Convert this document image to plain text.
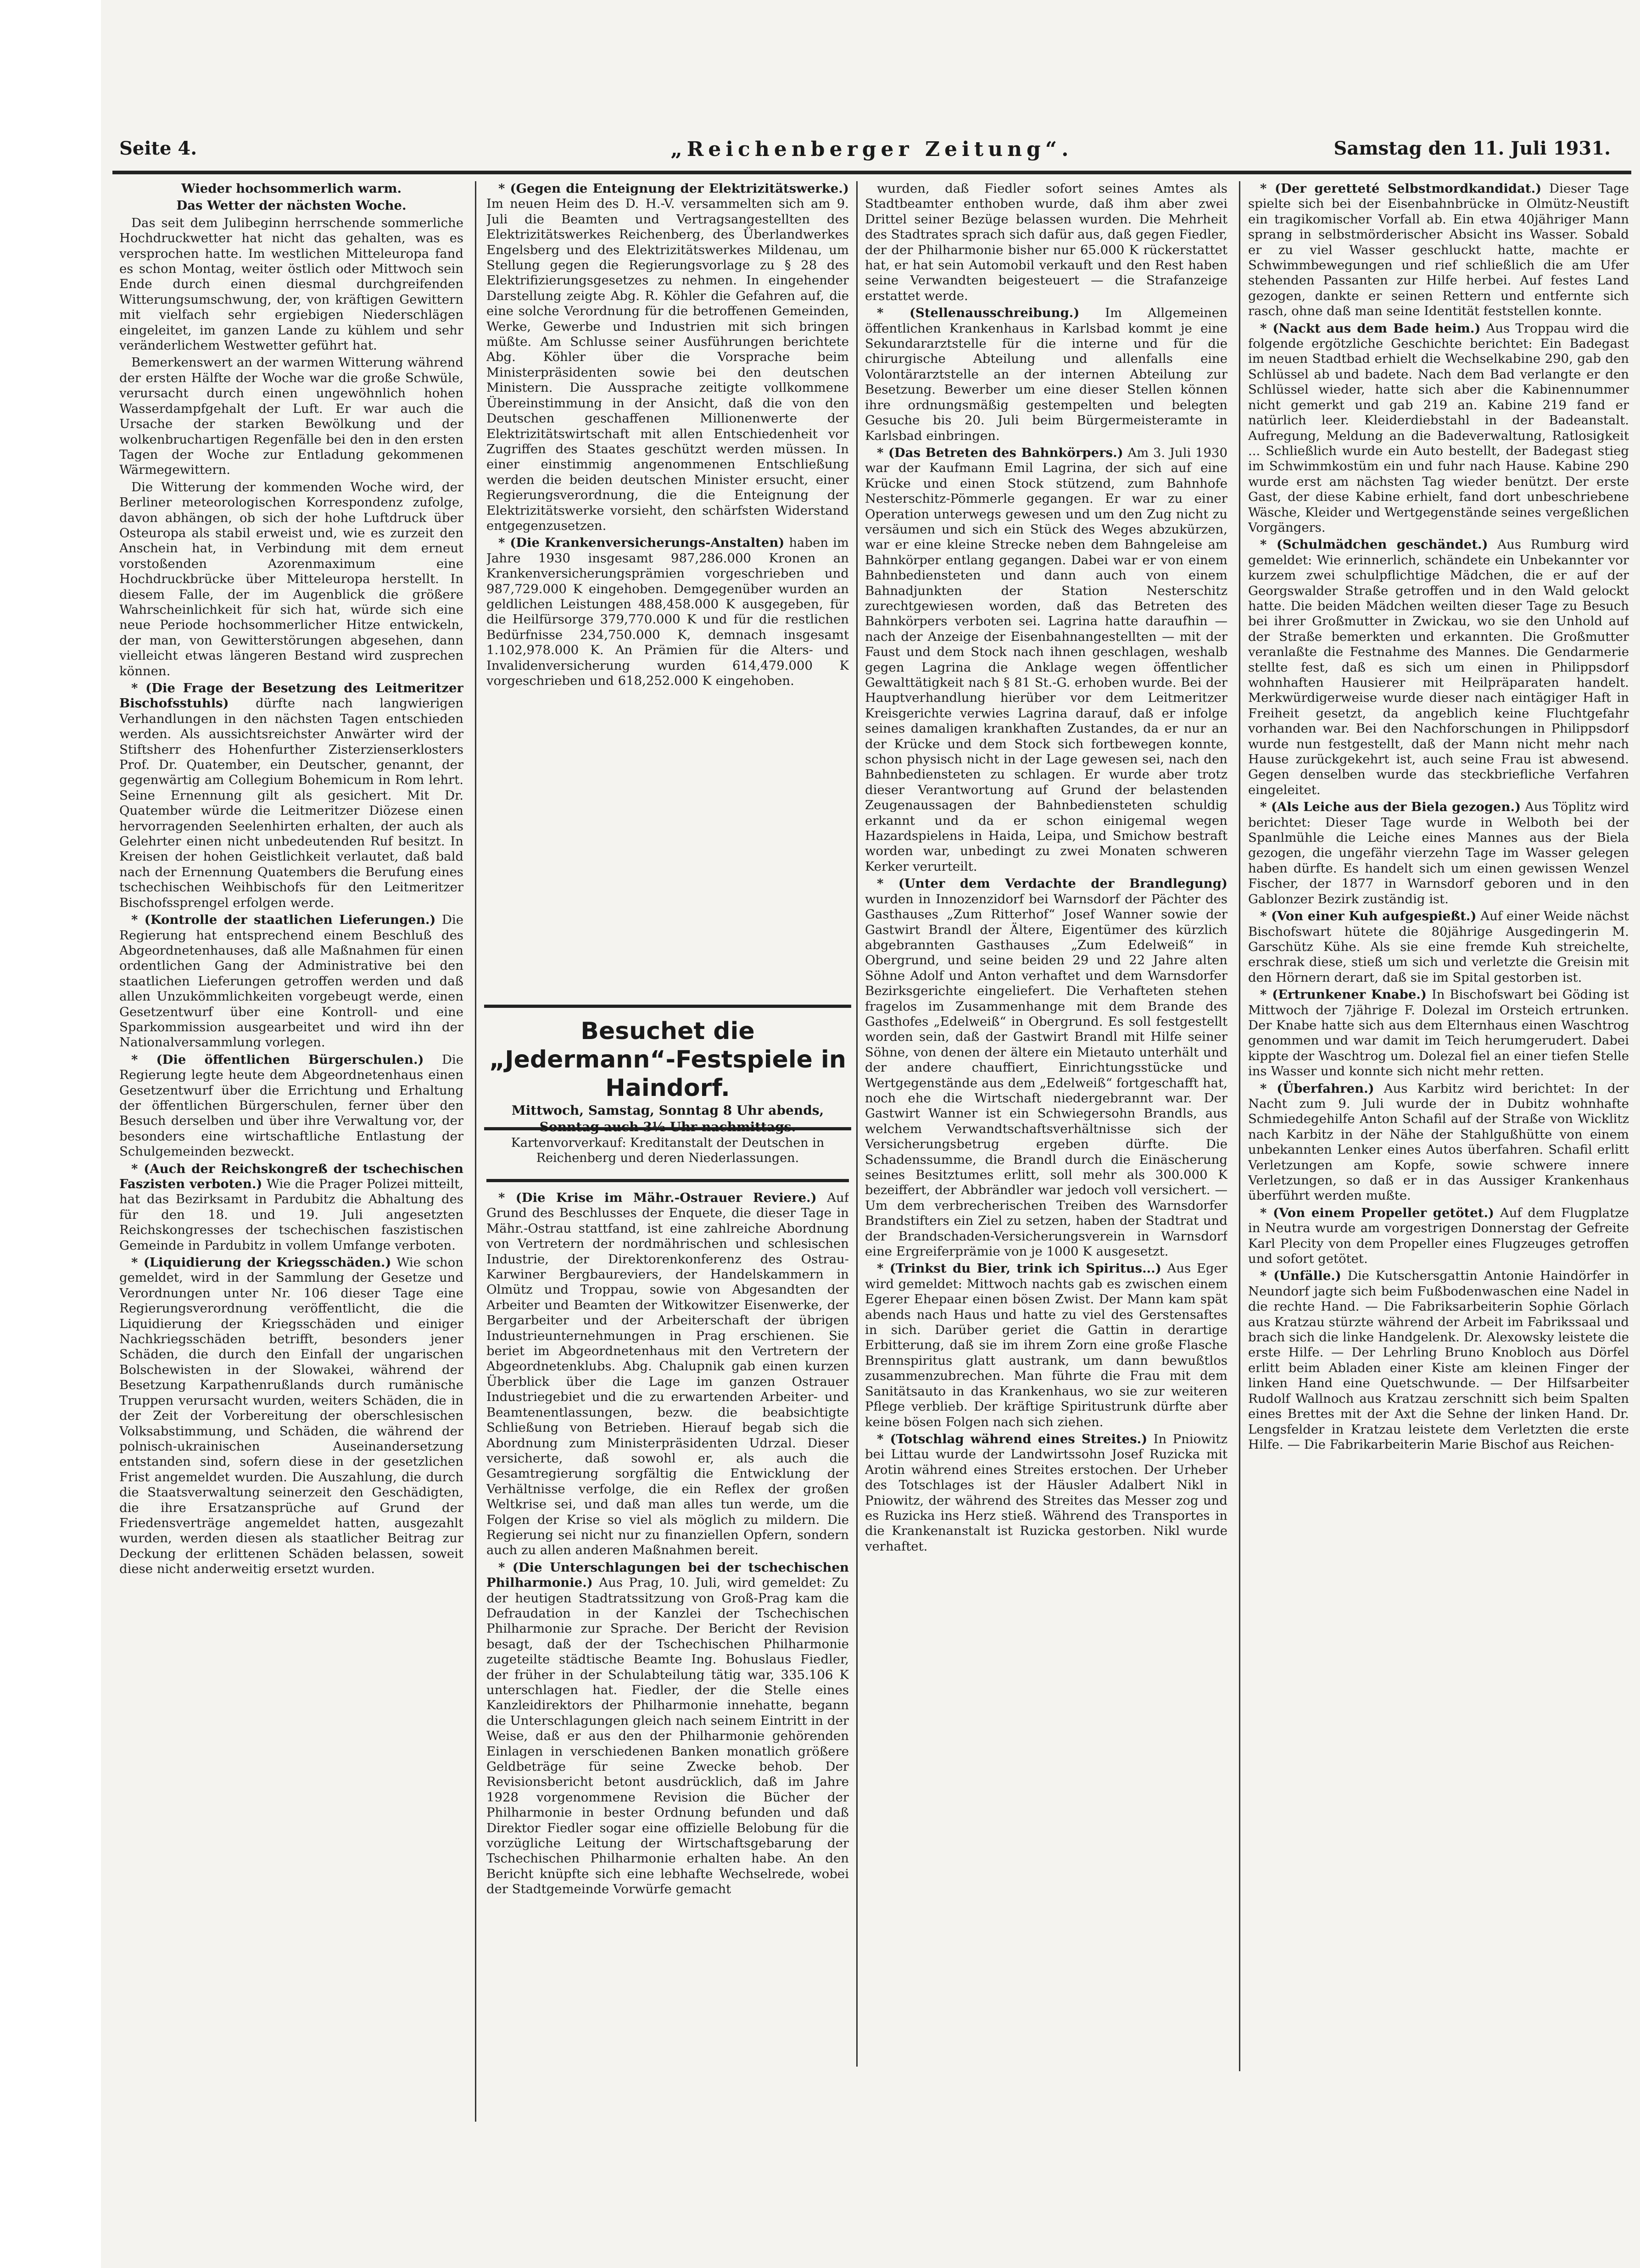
Seite 4.	„Reichenberger Zeitung“.	Samstag den 11. Juli 1931.
Wieder hochsommerlich warm.
Das Wetter der nächsten Woche.

Das seit dem Julibeginn herrschende sommerliche Hochdruckwetter hat nicht das gehalten, was es versprochen hatte. Im westlichen Mitteleuropa fand es schon Montag, weiter östlich oder Mittwoch sein Ende durch einen diesmal durchgreifenden Witterungsumschwung, der, von kräftigen Gewittern mit vielfach sehr ergiebigen Niederschlägen eingeleitet, im ganzen Lande zu kühlem und sehr veränderlichem Westwetter geführt hat.

Bemerkenswert an der warmen Witterung während der ersten Hälfte der Woche war die große Schwüle, verursacht durch einen ungewöhnlich hohen Wasserdampfgehalt der Luft. Er war auch die Ursache der starken Bewölkung und der wolkenbruchartigen Regenfälle bei den in den ersten Tagen der Woche zur Entladung gekommenen Wärmegewittern.

Die Witterung der kommenden Woche wird, der Berliner meteorologischen Korrespondenz zufolge, davon abhängen, ob sich der hohe Luftdruck über Osteuropa als stabil erweist und, wie es zurzeit den Anschein hat, in Verbindung mit dem erneut vorstoßenden Azorenmaximum eine Hochdruckbrücke über Mitteleuropa herstellt. In diesem Falle, der im Augenblick die größere Wahrscheinlichkeit für sich hat, würde sich eine neue Periode hochsommerlicher Hitze entwickeln, der man, von Gewitterstörungen abgesehen, dann vielleicht etwas längeren Bestand wird zusprechen können.

* (Die Frage der Besetzung des Leitmeritzer Bischofsstuhls) dürfte nach langwierigen Verhandlungen in den nächsten Tagen entschieden werden. Als aussichtsreichster Anwärter wird der Stiftsherr des Hohenfurther Zisterzienserklosters Prof. Dr. Quatember, ein Deutscher, genannt, der gegenwärtig am Collegium Bohemicum in Rom lehrt. Seine Ernennung gilt als gesichert. Mit Dr. Quatember würde die Leitmeritzer Diözese einen hervorragenden Seelenhirten erhalten, der auch als Gelehrter einen nicht unbedeutenden Ruf besitzt. In Kreisen der hohen Geistlichkeit verlautet, daß bald nach der Ernennung Quatembers die Berufung eines tschechischen Weihbischofs für den Leitmeritzer Bischofssprengel erfolgen werde.

* (Kontrolle der staatlichen Lieferungen.) Die Regierung hat entsprechend einem Beschluß des Abgeordnetenhauses, daß alle Maßnahmen für einen ordentlichen Gang der Administrative bei den staatlichen Lieferungen getroffen werden und daß allen Unzukömmlichkeiten vorgebeugt werde, einen Gesetzentwurf über eine Kontroll- und eine Sparkommission ausgearbeitet und wird ihn der Nationalversammlung vorlegen.

* (Die öffentlichen Bürgerschulen.) Die Regierung legte heute dem Abgeordnetenhaus einen Gesetzentwurf über die Errichtung und Erhaltung der öffentlichen Bürgerschulen, ferner über den Besuch derselben und über ihre Verwaltung vor, der besonders eine wirtschaftliche Entlastung der Schulgemeinden bezweckt.

* (Auch der Reichskongreß der tschechischen Faszisten verboten.) Wie die Prager Polizei mitteilt, hat das Bezirksamt in Pardubitz die Abhaltung des für den 18. und 19. Juli angesetzten Reichskongresses der tschechischen faszistischen Gemeinde in Pardubitz in vollem Umfange verboten.

* (Liquidierung der Kriegsschäden.) Wie schon gemeldet, wird in der Sammlung der Gesetze und Verordnungen unter Nr. 106 dieser Tage eine Regierungsverordnung veröffentlicht, die die Liquidierung der Kriegsschäden und einiger Nachkriegsschäden betrifft, besonders jener Schäden, die durch den Einfall der ungarischen Bolschewisten in der Slowakei, während der Besetzung Karpathenrußlands durch rumänische Truppen verursacht wurden, weiters Schäden, die in der Zeit der Vorbereitung der oberschlesischen Volksabstimmung, und Schäden, die während der polnisch-ukrainischen Auseinandersetzung entstanden sind, sofern diese in der gesetzlichen Frist angemeldet wurden. Die Auszahlung, die durch die Staatsverwaltung seinerzeit den Geschädigten, die ihre Ersatzansprüche auf Grund der Friedensverträge angemeldet hatten, ausgezahlt wurden, werden diesen als staatlicher Beitrag zur Deckung der erlittenen Schäden belassen, soweit diese nicht anderweitig ersetzt wurden.

* (Gegen die Enteignung der Elektrizitätswerke.) Im neuen Heim des D. H.-V. versammelten sich am 9. Juli die Beamten und Vertragsangestellten des Elektrizitätswerkes Reichenberg, des Überlandwerkes Engelsberg und des Elektrizitätswerkes Mildenau, um Stellung gegen die Regierungsvorlage zu § 28 des Elektrifizierungsgesetzes zu nehmen. In eingehender Darstellung zeigte Abg. R. Köhler die Gefahren auf, die eine solche Verordnung für die betroffenen Gemeinden, Werke, Gewerbe und Industrien mit sich bringen müßte. Am Schlusse seiner Ausführungen berichtete Abg. Köhler über die Vorsprache beim Ministerpräsidenten sowie bei den deutschen Ministern. Die Aussprache zeitigte vollkommene Übereinstimmung in der Ansicht, daß die von den Deutschen geschaffenen Millionenwerte der Elektrizitätswirtschaft mit allen Entschiedenheit vor Zugriffen des Staates geschützt werden müssen. In einer einstimmig angenommenen Entschließung werden die beiden deutschen Minister ersucht, einer Regierungsverordnung, die die Enteignung der Elektrizitätswerke vorsieht, den schärfsten Widerstand entgegenzusetzen.

* (Die Krankenversicherungs-Anstalten) haben im Jahre 1930 insgesamt 987,286.000 Kronen an Krankenversicherungsprämien vorgeschrieben und 987,729.000 K eingehoben. Demgegenüber wurden an geldlichen Leistungen 488,458.000 K ausgegeben, für die Heilfürsorge 379,770.000 K und für die restlichen Bedürfnisse 234,750.000 K, demnach insgesamt 1.102,978.000 K. An Prämien für die Alters- und Invalidenversicherung wurden 614,479.000 K vorgeschrieben und 618,252.000 K eingehoben.

Besuchet die „Jedermann“-Festspiele in Haindorf.
Mittwoch, Samstag, Sonntag 8 Uhr abends, Sonntag auch 3½ Uhr nachmittags.
Kartenvorverkauf: Kreditanstalt der Deutschen in Reichenberg und deren Niederlassungen.

* (Die Krise im Mähr.-Ostrauer Reviere.) Auf Grund des Beschlusses der Enquete, die dieser Tage in Mähr.-Ostrau stattfand, ist eine zahlreiche Abordnung von Vertretern der nordmährischen und schlesischen Industrie, der Direktorenkonferenz des Ostrau-Karwiner Bergbaureviers, der Handelskammern in Olmütz und Troppau, sowie von Abgesandten der Arbeiter und Beamten der Witkowitzer Eisenwerke, der Bergarbeiter und der Arbeiterschaft der übrigen Industrieunternehmungen in Prag erschienen. Sie beriet im Abgeordnetenhaus mit den Vertretern der Abgeordnetenklubs. Abg. Chalupnik gab einen kurzen Überblick über die Lage im ganzen Ostrauer Industriegebiet und die zu erwartenden Arbeiter- und Beamtenentlassungen, bezw. die beabsichtigte Schließung von Betrieben. Hierauf begab sich die Abordnung zum Ministerpräsidenten Udrzal. Dieser versicherte, daß sowohl er, als auch die Gesamtregierung sorgfältig die Entwicklung der Verhältnisse verfolge, die ein Reflex der großen Weltkrise sei, und daß man alles tun werde, um die Folgen der Krise so viel als möglich zu mildern. Die Regierung sei nicht nur zu finanziellen Opfern, sondern auch zu allen anderen Maßnahmen bereit.

* (Die Unterschlagungen bei der tschechischen Philharmonie.) Aus Prag, 10. Juli, wird gemeldet: Zu der heutigen Stadtratssitzung von Groß-Prag kam die Defraudation in der Kanzlei der Tschechischen Philharmonie zur Sprache. Der Bericht der Revision besagt, daß der der Tschechischen Philharmonie zugeteilte städtische Beamte Ing. Bohuslaus Fiedler, der früher in der Schulabteilung tätig war, 335.106 K unterschlagen hat. Fiedler, der die Stelle eines Kanzleidirektors der Philharmonie innehatte, begann die Unterschlagungen gleich nach seinem Eintritt in der Weise, daß er aus den der Philharmonie gehörenden Einlagen in verschiedenen Banken monatlich größere Geldbeträge für seine Zwecke behob. Der Revisionsbericht betont ausdrücklich, daß im Jahre 1928 vorgenommene Revision die Bücher der Philharmonie in bester Ordnung befunden und daß Direktor Fiedler sogar eine offizielle Belobung für die vorzügliche Leitung der Wirtschaftsgebarung der Tschechischen Philharmonie erhalten habe. An den Bericht knüpfte sich eine lebhafte Wechselrede, wobei der Stadtgemeinde Vorwürfe gemacht

wurden, daß Fiedler sofort seines Amtes als Stadtbeamter enthoben wurde, daß ihm aber zwei Drittel seiner Bezüge belassen wurden. Die Mehrheit des Stadtrates sprach sich dafür aus, daß gegen Fiedler, der der Philharmonie bisher nur 65.000 K rückerstattet hat, er hat sein Automobil verkauft und den Rest haben seine Verwandten beigesteuert — die Strafanzeige erstattet werde.

* (Stellenausschreibung.) Im Allgemeinen öffentlichen Krankenhaus in Karlsbad kommt je eine Sekundararztstelle für die interne und für die chirurgische Abteilung und allenfalls eine Volontärarztstelle an der internen Abteilung zur Besetzung. Bewerber um eine dieser Stellen können ihre ordnungsmäßig gestempelten und belegten Gesuche bis 20. Juli beim Bürgermeisteramte in Karlsbad einbringen.

* (Das Betreten des Bahnkörpers.) Am 3. Juli 1930 war der Kaufmann Emil Lagrina, der sich auf eine Krücke und einen Stock stützend, zum Bahnhofe Nesterschitz-Pömmerle gegangen. Er war zu einer Operation unterwegs gewesen und um den Zug nicht zu versäumen und sich ein Stück des Weges abzukürzen, war er eine kleine Strecke neben dem Bahngeleise am Bahnkörper entlang gegangen. Dabei war er von einem Bahnbediensteten und dann auch von einem Bahnadjunkten der Station Nesterschitz zurechtgewiesen worden, daß das Betreten des Bahnkörpers verboten sei. Lagrina hatte daraufhin — nach der Anzeige der Eisenbahnangestellten — mit der Faust und dem Stock nach ihnen geschlagen, weshalb gegen Lagrina die Anklage wegen öffentlicher Gewalttätigkeit nach § 81 St.-G. erhoben wurde. Bei der Hauptverhandlung hierüber vor dem Leitmeritzer Kreisgerichte verwies Lagrina darauf, daß er infolge seines damaligen krankhaften Zustandes, da er nur an der Krücke und dem Stock sich fortbewegen konnte, schon physisch nicht in der Lage gewesen sei, nach den Bahnbediensteten zu schlagen. Er wurde aber trotz dieser Verantwortung auf Grund der belastenden Zeugenaussagen der Bahnbediensteten schuldig erkannt und da er schon einigemal wegen Hazardspielens in Haida, Leipa, und Smichow bestraft worden war, unbedingt zu zwei Monaten schweren Kerker verurteilt.

* (Unter dem Verdachte der Brandlegung) wurden in Innozenzidorf bei Warnsdorf der Pächter des Gasthauses „Zum Ritterhof“ Josef Wanner sowie der Gastwirt Brandl der Ältere, Eigentümer des kürzlich abgebrannten Gasthauses „Zum Edelweiß“ in Obergrund, und seine beiden 29 und 22 Jahre alten Söhne Adolf und Anton verhaftet und dem Warnsdorfer Bezirksgerichte eingeliefert. Die Verhafteten stehen fragelos im Zusammenhange mit dem Brande des Gasthofes „Edelweiß“ in Obergrund. Es soll festgestellt worden sein, daß der Gastwirt Brandl mit Hilfe seiner Söhne, von denen der ältere ein Mietauto unterhält und der andere chauffiert, Einrichtungsstücke und Wertgegenstände aus dem „Edelweiß“ fortgeschafft hat, noch ehe die Wirtschaft niedergebrannt war. Der Gastwirt Wanner ist ein Schwiegersohn Brandls, aus welchem Verwandtschaftsverhältnisse sich der Versicherungsbetrug ergeben dürfte. Die Schadenssumme, die Brandl durch die Einäscherung seines Besitztumes erlitt, soll mehr als 300.000 K bezeiffert, der Abbrändler war jedoch voll versichert. — Um dem verbrecherischen Treiben des Warnsdorfer Brandstifters ein Ziel zu setzen, haben der Stadtrat und der Brandschaden-Versicherungsverein in Warnsdorf eine Ergreiferprämie von je 1000 K ausgesetzt.

* (Trinkst du Bier, trink ich Spiritus...) Aus Eger wird gemeldet: Mittwoch nachts gab es zwischen einem Egerer Ehepaar einen bösen Zwist. Der Mann kam spät abends nach Haus und hatte zu viel des Gerstensaftes in sich. Darüber geriet die Gattin in derartige Erbitterung, daß sie im ihrem Zorn eine große Flasche Brennspiritus glatt austrank, um dann bewußtlos zusammenzubrechen. Man führte die Frau mit dem Sanitätsauto in das Krankenhaus, wo sie zur weiteren Pflege verblieb. Der kräftige Spiritustrunk dürfte aber keine bösen Folgen nach sich ziehen.

* (Totschlag während eines Streites.) In Pniowitz bei Littau wurde der Landwirtssohn Josef Ruzicka mit Arotin während eines Streites erstochen. Der Urheber des Totschlages ist der Häusler Adalbert Nikl in Pniowitz, der während des Streites das Messer zog und es Ruzicka ins Herz stieß. Während des Transportes in die Krankenanstalt ist Ruzicka gestorben. Nikl wurde verhaftet.

* (Der geretteté Selbstmordkandidat.) Dieser Tage spielte sich bei der Eisenbahnbrücke in Olmütz-Neustift ein tragikomischer Vorfall ab. Ein etwa 40jähriger Mann sprang in selbstmörderischer Absicht ins Wasser. Sobald er zu viel Wasser geschluckt hatte, machte er Schwimmbewegungen und rief schließlich die am Ufer stehenden Passanten zur Hilfe herbei. Auf festes Land gezogen, dankte er seinen Rettern und entfernte sich rasch, ohne daß man seine Identität feststellen konnte.

* (Nackt aus dem Bade heim.) Aus Troppau wird die folgende ergötzliche Geschichte berichtet: Ein Badegast im neuen Stadtbad erhielt die Wechselkabine 290, gab den Schlüssel ab und badete. Nach dem Bad verlangte er den Schlüssel wieder, hatte sich aber die Kabinennummer nicht gemerkt und gab 219 an. Kabine 219 fand er natürlich leer. Kleiderdiebstahl in der Badeanstalt. Aufregung, Meldung an die Badeverwaltung, Ratlosigkeit ... Schließlich wurde ein Auto bestellt, der Badegast stieg im Schwimmkostüm ein und fuhr nach Hause. Kabine 290 wurde erst am nächsten Tag wieder benützt. Der erste Gast, der diese Kabine erhielt, fand dort unbeschriebene Wäsche, Kleider und Wertgegenstände seines vergeßlichen Vorgängers.

* (Schulmädchen geschändet.) Aus Rumburg wird gemeldet: Wie erinnerlich, schändete ein Unbekannter vor kurzem zwei schulpflichtige Mädchen, die er auf der Georgswalder Straße getroffen und in den Wald gelockt hatte. Die beiden Mädchen weilten dieser Tage zu Besuch bei ihrer Großmutter in Zwickau, wo sie den Unhold auf der Straße bemerkten und erkannten. Die Großmutter veranlaßte die Festnahme des Mannes. Die Gendarmerie stellte fest, daß es sich um einen in Philippsdorf wohnhaften Hausierer mit Heilpräparaten handelt. Merkwürdigerweise wurde dieser nach eintägiger Haft in Freiheit gesetzt, da angeblich keine Fluchtgefahr vorhanden war. Bei den Nachforschungen in Philippsdorf wurde nun festgestellt, daß der Mann nicht mehr nach Hause zurückgekehrt ist, auch seine Frau ist abwesend. Gegen denselben wurde das steckbriefliche Verfahren eingeleitet.

* (Als Leiche aus der Biela gezogen.) Aus Töplitz wird berichtet: Dieser Tage wurde in Welboth bei der Spanlmühle die Leiche eines Mannes aus der Biela gezogen, die ungefähr vierzehn Tage im Wasser gelegen haben dürfte. Es handelt sich um einen gewissen Wenzel Fischer, der 1877 in Warnsdorf geboren und in den Gablonzer Bezirk zuständig ist.

* (Von einer Kuh aufgespießt.) Auf einer Weide nächst Bischofswart hütete die 80jährige Ausgedingerin M. Garschütz Kühe. Als sie eine fremde Kuh streichelte, erschrak diese, stieß um sich und verletzte die Greisin mit den Hörnern derart, daß sie im Spital gestorben ist.

* (Ertrunkener Knabe.) In Bischofswart bei Göding ist Mittwoch der 7jährige F. Dolezal im Orsteich ertrunken. Der Knabe hatte sich aus dem Elternhaus einen Waschtrog genommen und war damit im Teich herumgerudert. Dabei kippte der Waschtrog um. Dolezal fiel an einer tiefen Stelle ins Wasser und konnte sich nicht mehr retten.

* (Überfahren.) Aus Karbitz wird berichtet: In der Nacht zum 9. Juli wurde der in Dubitz wohnhafte Schmiedegehilfe Anton Schafil auf der Straße von Wicklitz nach Karbitz in der Nähe der Stahlgußhütte von einem unbekannten Lenker eines Autos überfahren. Schafil erlitt Verletzungen am Kopfe, sowie schwere innere Verletzungen, so daß er in das Aussiger Krankenhaus überführt werden mußte.

* (Von einem Propeller getötet.) Auf dem Flugplatze in Neutra wurde am vorgestrigen Donnerstag der Gefreite Karl Plecity von dem Propeller eines Flugzeuges getroffen und sofort getötet.

* (Unfälle.) Die Kutschersgattin Antonie Haindörfer in Neundorf jagte sich beim Fußbodenwaschen eine Nadel in die rechte Hand. — Die Fabriksarbeiterin Sophie Görlach aus Kratzau stürzte während der Arbeit im Fabrikssaal und brach sich die linke Handgelenk. Dr. Alexowsky leistete die erste Hilfe. — Der Lehrling Bruno Knobloch aus Dörfel erlitt beim Abladen einer Kiste am kleinen Finger der linken Hand eine Quetschwunde. — Der Hilfsarbeiter Rudolf Wallnoch aus Kratzau zerschnitt sich beim Spalten eines Brettes mit der Axt die Sehne der linken Hand. Dr. Lengsfelder in Kratzau leistete dem Verletzten die erste Hilfe. — Die Fabrikarbeiterin Marie Bischof aus Reichen-
